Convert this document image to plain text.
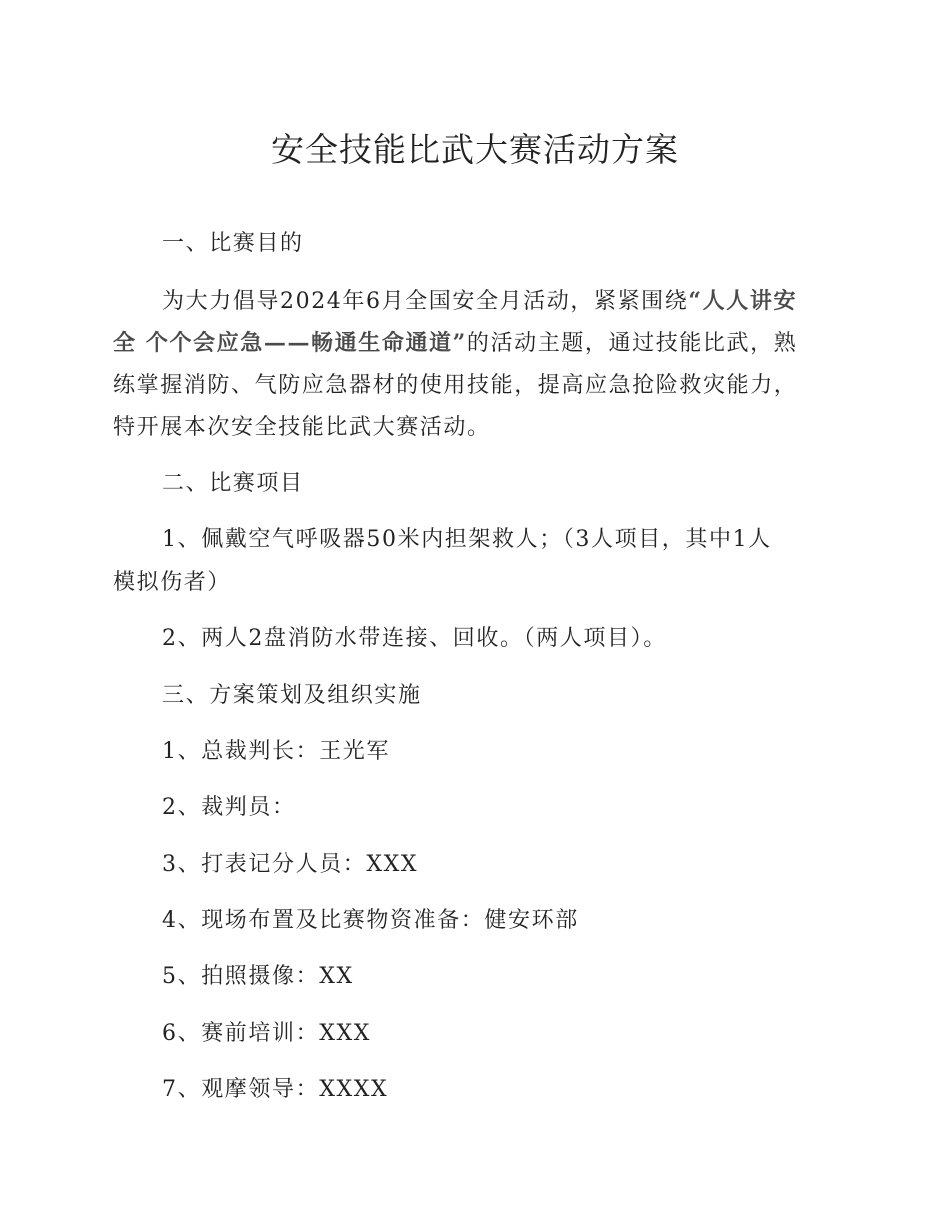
安全技能比武大赛活动方案
一、比赛目的
为大力倡导2024年6月全国安全月活动，紧紧围绕“人人讲安
全 个个会应急——畅通生命通道”的活动主题，通过技能比武，熟
练掌握消防、气防应急器材的使用技能，提高应急抢险救灾能力，
特开展本次安全技能比武大赛活动。
二、比赛项目
1、佩戴空气呼吸器50米内担架救人；（3人项目，其中1人
模拟伤者）
2、两人2盘消防水带连接、回收。（两人项目）。
三、方案策划及组织实施
1、总裁判长：王光军
2、裁判员：
3、打表记分人员：XXX
4、现场布置及比赛物资准备：健安环部
5、拍照摄像：XX
6、赛前培训：XXX
7、观摩领导：XXXX
